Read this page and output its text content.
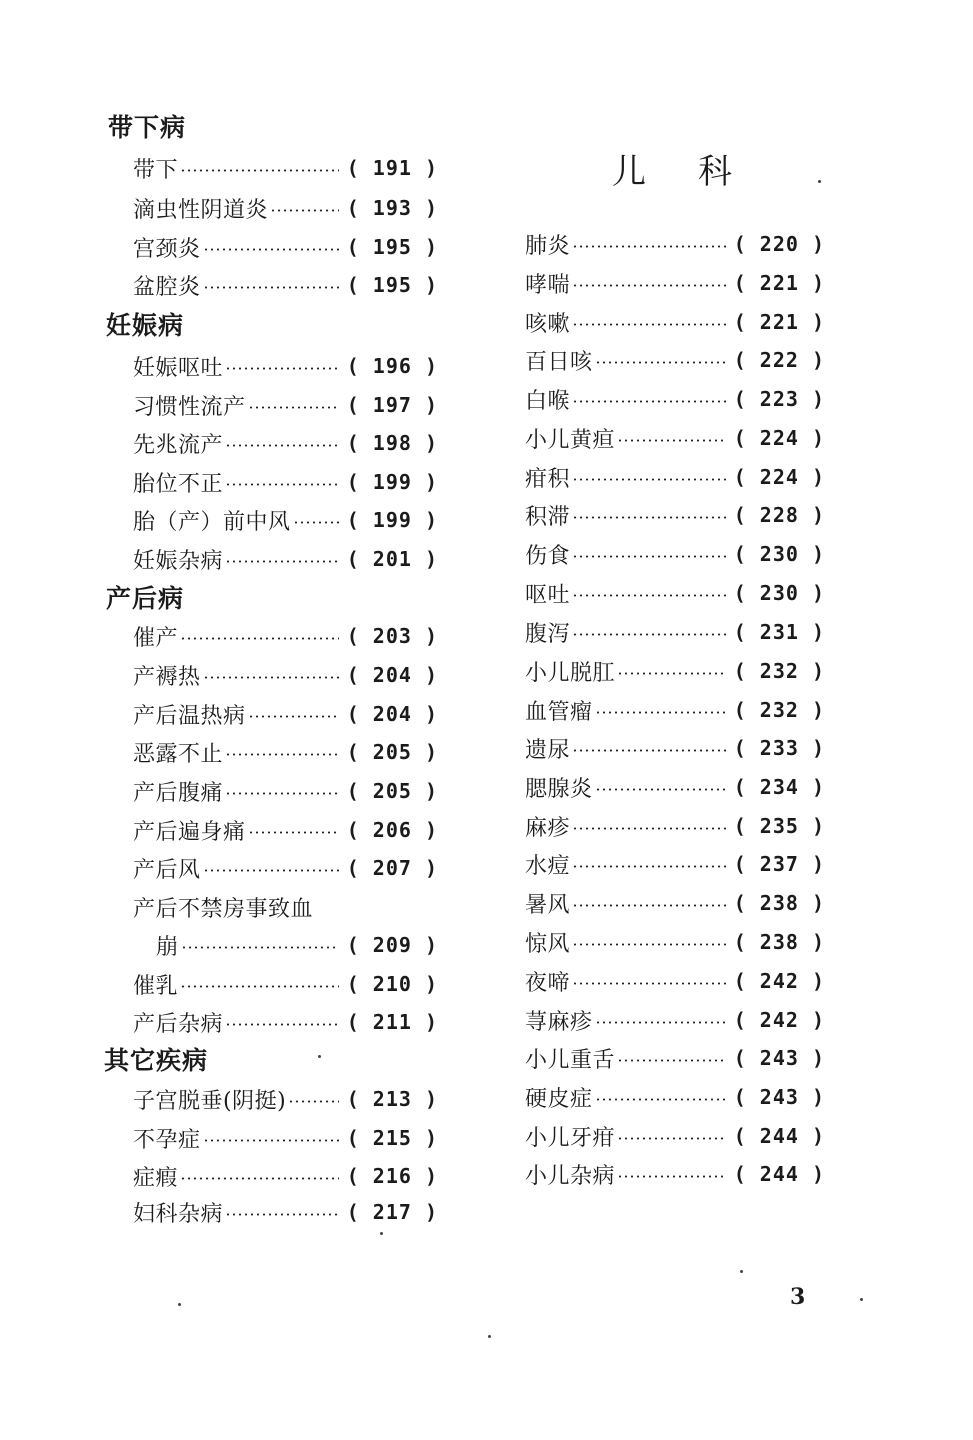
带下病
带下	( 191 )
滴虫性阴道炎	( 193 )
宫颈炎	( 195 )
盆腔炎	( 195 )
妊娠病
妊娠呕吐	( 196 )
习惯性流产	( 197 )
先兆流产	( 198 )
胎位不正	( 199 )
胎（产）前中风	( 199 )
妊娠杂病	( 201 )
产后病
催产	( 203 )
产褥热	( 204 )
产后温热病	( 204 )
恶露不止	( 205 )
产后腹痛	( 205 )
产后遍身痛	( 206 )
产后风	( 207 )
产后不禁房事致血
崩	( 209 )
催乳	( 210 )
产后杂病	( 211 )
其它疾病
子宫脱垂(阴挺)	( 213 )
不孕症	( 215 )
症瘕	( 216 )
妇科杂病	( 217 )
儿科
肺炎	( 220 )
哮喘	( 221 )
咳嗽	( 221 )
百日咳	( 222 )
白喉	( 223 )
小儿黄疸	( 224 )
疳积	( 224 )
积滞	( 228 )
伤食	( 230 )
呕吐	( 230 )
腹泻	( 231 )
小儿脱肛	( 232 )
血管瘤	( 232 )
遗尿	( 233 )
腮腺炎	( 234 )
麻疹	( 235 )
水痘	( 237 )
暑风	( 238 )
惊风	( 238 )
夜啼	( 242 )
荨麻疹	( 242 )
小儿重舌	( 243 )
硬皮症	( 243 )
小儿牙疳	( 244 )
小儿杂病	( 244 )
3
